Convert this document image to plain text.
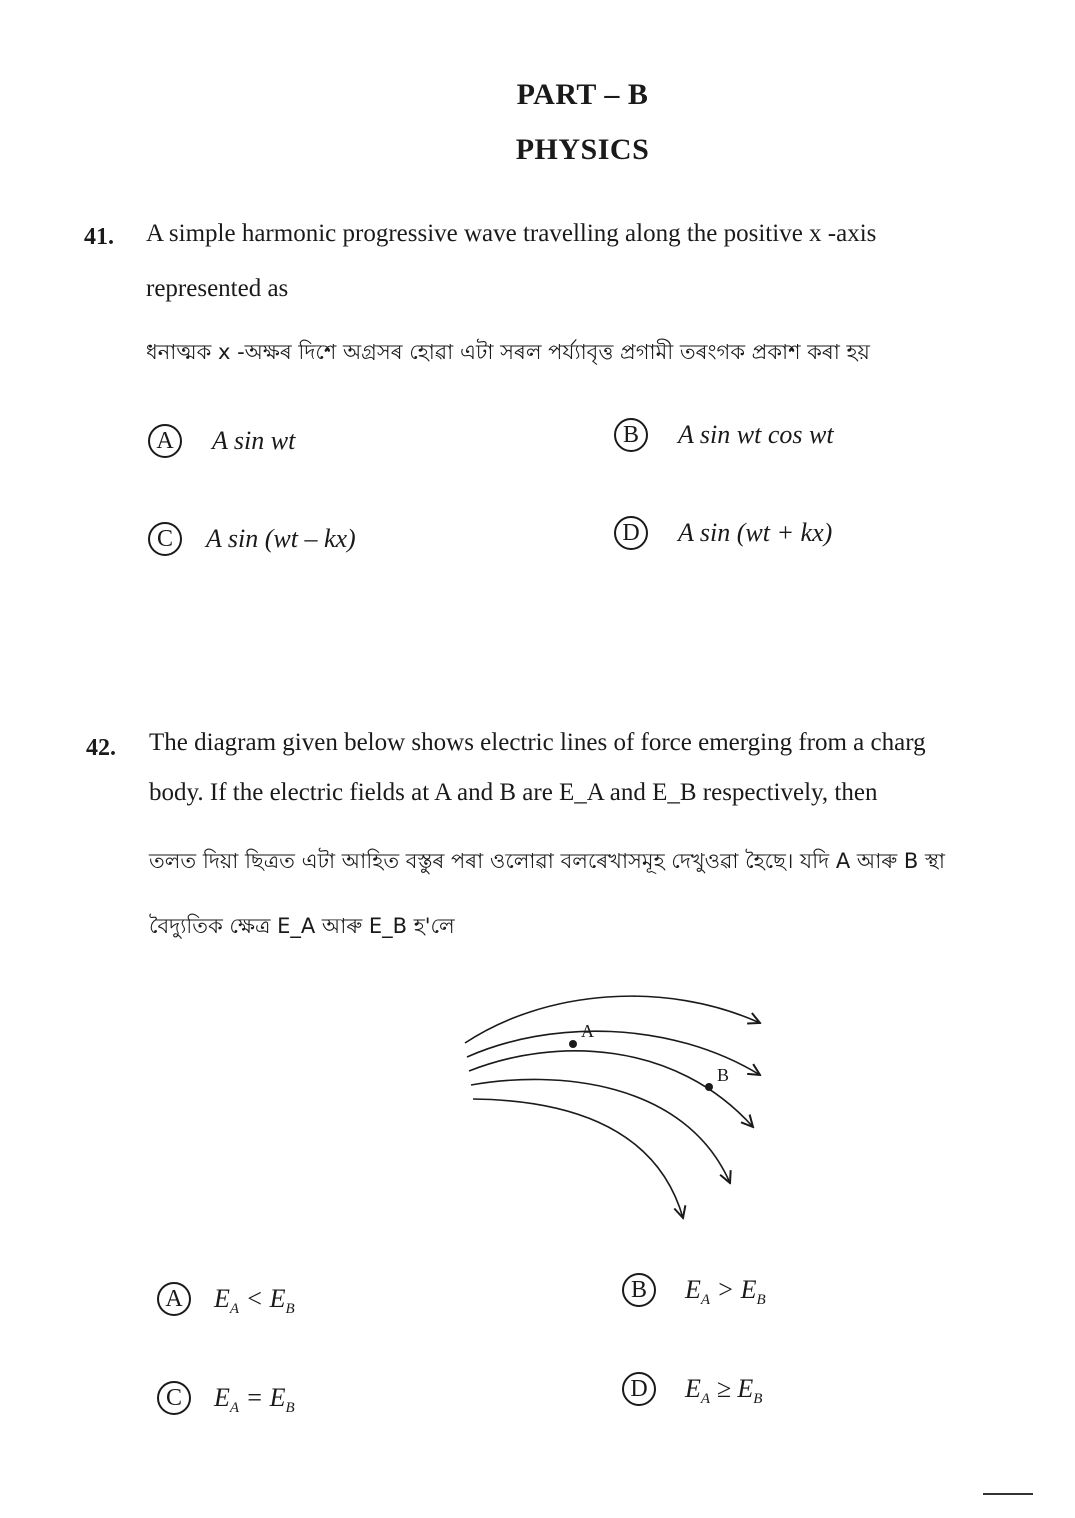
PART – B
PHYSICS
41. A simple harmonic progressive wave travelling along the positive x -axis
represented as
ধনাত্মক x -অক্ষৰ দিশে অগ্ৰসৰ হোৱা এটা সৰল পৰ্য্যাবৃত্ত প্ৰগামী তৰংগক প্ৰকাশ কৰা হয়
A A sin wt	B A sin wt cos wt
C A sin (wt – kx)	D A sin (wt + kx)
42. The diagram given below shows electric lines of force emerging from a charg
body. If the electric fields at A and B are E_A and E_B respectively, then
তলত দিয়া ছিত্ৰত এটা আহিত বস্তুৰ পৰা ওলোৱা বলৰেখাসমূহ দেখুওৱা হৈছে। যদি A আৰু B স্থা
বৈদ্যুতিক ক্ষেত্ৰ E_A আৰু E_B হ'লে
A
B
A $E_A < E_B$
B $E_A > E_B$
C $E_A = E_B$
D $E_A \ge E_B$
